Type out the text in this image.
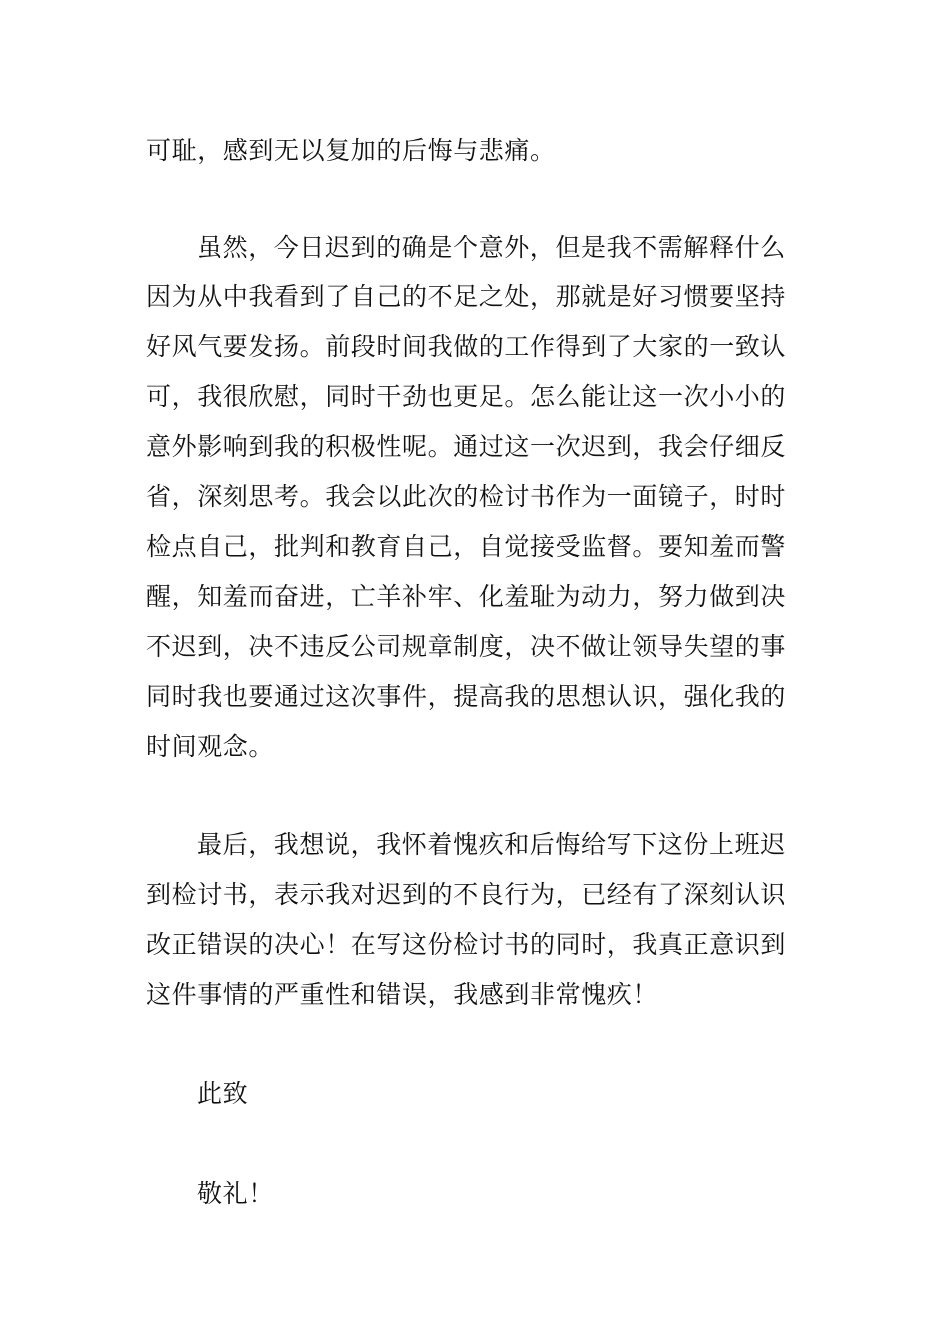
可耻，感到无以复加的后悔与悲痛。
虽然，今日迟到的确是个意外，但是我不需解释什么
因为从中我看到了自己的不足之处，那就是好习惯要坚持
好风气要发扬。前段时间我做的工作得到了大家的一致认
可，我很欣慰，同时干劲也更足。怎么能让这一次小小的
意外影响到我的积极性呢。通过这一次迟到，我会仔细反
省，深刻思考。我会以此次的检讨书作为一面镜子，时时
检点自己，批判和教育自己，自觉接受监督。要知羞而警
醒，知羞而奋进，亡羊补牢、化羞耻为动力，努力做到决
不迟到，决不违反公司规章制度，决不做让领导失望的事
同时我也要通过这次事件，提高我的思想认识，强化我的
时间观念。
最后，我想说，我怀着愧疚和后悔给写下这份上班迟
到检讨书，表示我对迟到的不良行为，已经有了深刻认识
改正错误的决心！在写这份检讨书的同时，我真正意识到
这件事情的严重性和错误，我感到非常愧疚！
此致
敬礼！
